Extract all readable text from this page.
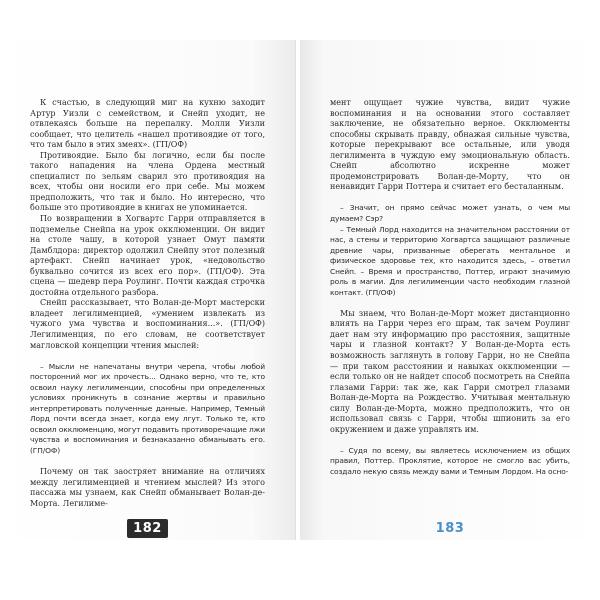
К счастью, в следующий миг на кухню заходит Артур Уизли с семейством, и Снейп уходит, не отвлекаясь больше на перепалку. Молли Уизли сообщает, что целитель «нашел противоядие от того, что там было в этих змеях». (ГП/ОФ)

Противоядие. Было бы логично, если бы после такого нападения на члена Ордена местный специалист по зельям сварил это противоядия на всех, чтобы они носили его при себе. Мы можем предположить, что так и было. Но интересно, что больше это противоядие в книгах не упоминается.

По возвращении в Хогвартс Гарри отправляется в подземелье Снейпа на урок окклюменции. Он видит на столе чашу, в которой узнает Омут памяти Дамблдора: директор одолжил Снейпу этот полезный артефакт. Снейп начинает урок, «недовольство буквально сочится из всех его пор». (ГП/ОФ). Эта сцена — шедевр пера Роулинг. Почти каждая строчка достойна отдельного разбора.

Снейп рассказывает, что Волан-де-Морт мастерски владеет легилименцией, «умением извлекать из чужого ума чувства и воспоминания...». (ГП/ОФ) Легилименция, по его словам, не соответствует магловской концепции чтения мыслей:

– Мысли не напечатаны внутри черепа, чтобы любой посторонний мог их прочесть... Однако верно, что те, кто освоил науку легилименции, способны при определенных условиях проникнуть в сознание жертвы и правильно интерпретировать полученные данные. Например, Темный Лорд почти всегда знает, когда ему лгут. Только те, кто освоил окклюменцию, могут подавить противоречащие лжи чувства и воспоминания и безнаказанно обманывать его. (ГП/ОФ)

Почему он так заостряет внимание на отличиях между легилименцией и чтением мыслей? Из этого пассажа мы узнаем, как Снейп обманывает Волан-де-Морта. Легилиме-

182

мент ощущает чужие чувства, видит чужие воспоминания и на основании этого составляет заключение, не обязательно верное. Окклюменты способны скрывать правду, обнажая сильные чувства, которые перекрывают все остальные, или уводя легилимента в чуждую ему эмоциональную область. Снейп абсолютно искренне может продемонстрировать Волан-де-Морту, что он ненавидит Гарри Поттера и считает его бесталанным.

– Значит, он прямо сейчас может узнать, о чем мы думаем? Сэр?

– Темный Лорд находится на значительном расстоянии от нас, а стены и территорию Хогвартса защищают различные древние чары, призванные оберегать ментальное и физическое здоровье тех, кто находится здесь, – ответил Снейп. – Время и пространство, Поттер, играют значимую роль в магии. Для легилименции часто необходим глазной контакт. (ГП/ОФ)

Мы знаем, что Волан-де-Морт может дистанционно влиять на Гарри через его шрам, так зачем Роулинг дает нам эту информацию про расстояния, защитные чары и глазной контакт? У Волан-де-Морта есть возможность заглянуть в голову Гарри, но не Снейпа — при таком расстоянии и навыках окклюменции — если только он не найдет способ посмотреть на Снейпа глазами Гарри: так же, как Гарри смотрел глазами Волан-де-Морта на Рождество. Учитывая ментальную силу Волан-де-Морта, можно предположить, что он использовал связь с Гарри, чтобы шпионить за его окружением и даже управлять им.

– Судя по всему, вы являетесь исключением из общих правил, Поттер. Проклятие, которое не смогло вас убить, создало некую связь между вами и Темным Лордом. На осно-

183
